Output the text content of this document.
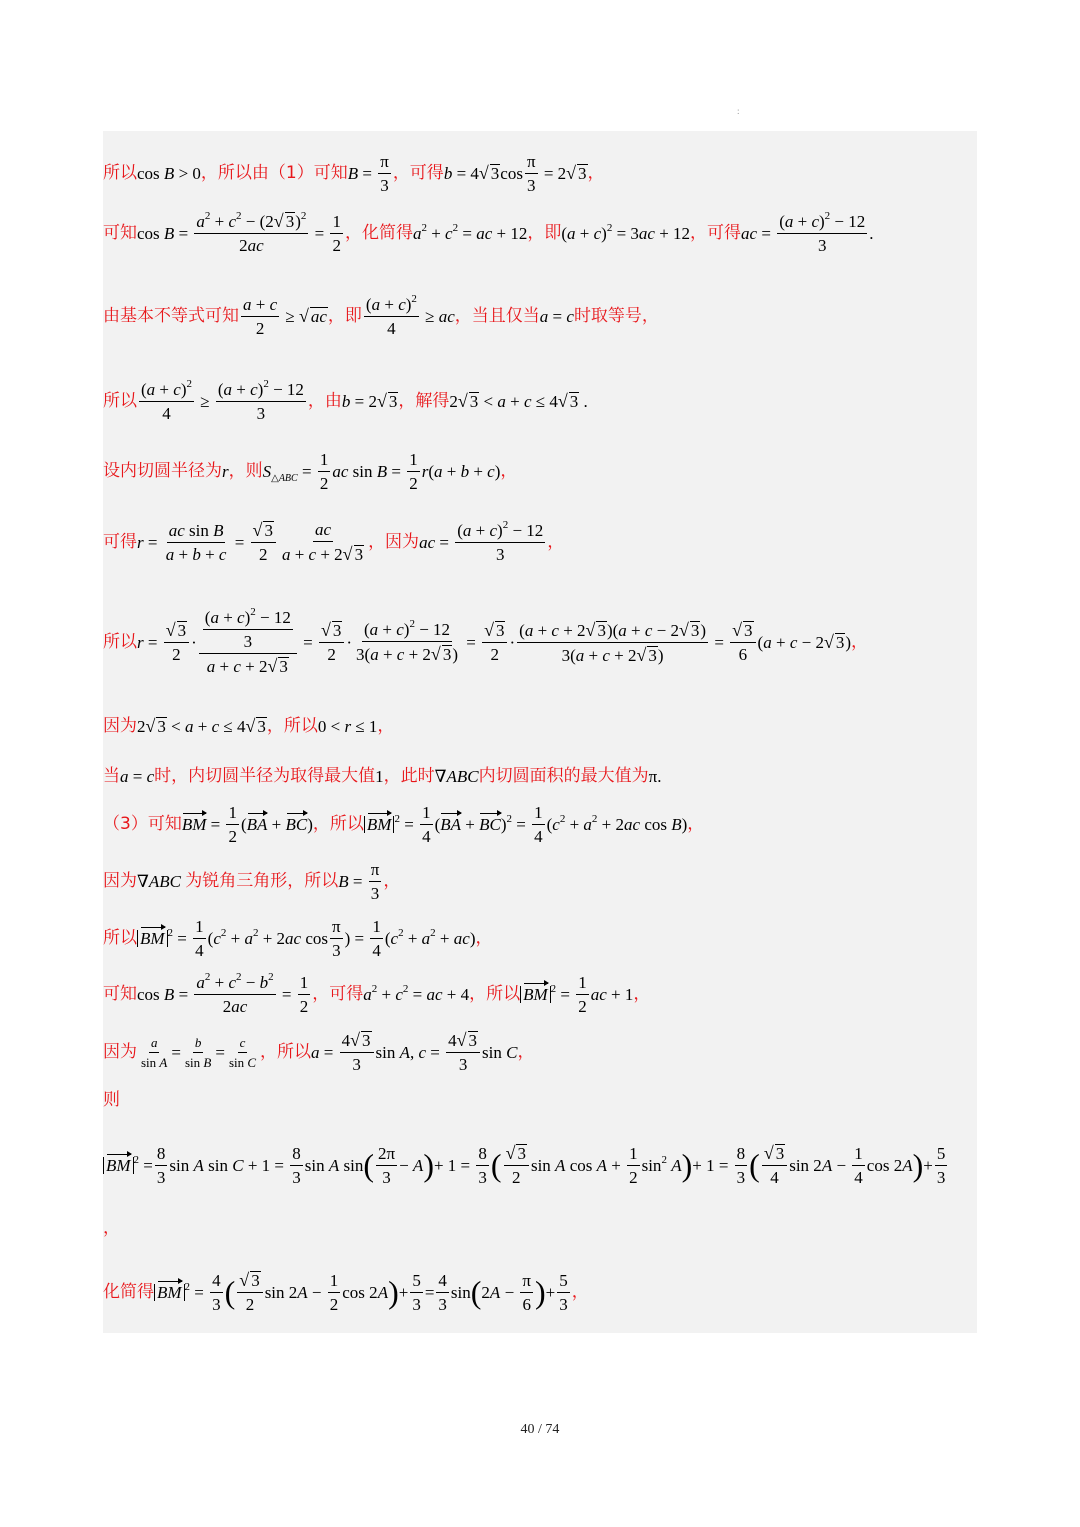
:
所以 cos B > 0 ，所以由（1）可知 $B = \frac{\pi}{3}$ ，可得 b = 4√ $3\cos \frac{\pi}{3} = 2√$ 3 ，
可知 $\cos B = \frac{a^2 + c^2 - (2√ 3)^2}{2ac} = \frac{1}{2}$ ，化简得 $a^2 + c^2$ = ac + 12 ，即 $(a + c)^2 = 3ac + 12$ ，可得 ac = $\frac{(a + c)^2 - 12}{3}$ .
由基本不等式可知 $\frac{a + c}{2}$ ≥ √ ac ，即 $\frac{(a + c)^2}{4}$ ≥ ac ，当且仅当 a = c 时取等号，
所以 $\frac{(a + c)^2}{4} \ge \frac{(a + c)^2 - 12}{3}$ ，由 b = 2√ 3 ，解得 2√ 3 < a + c ≤ 4√ 3 .
设内切圆半径为 r ，则 $S_{\triangle ABC} = \frac{1}{2}$ ac $\sin B = \frac{1}{2} r(a + b + c)$ ，
可得 $r = \frac{\text{ac sin B}}{a + b + c} = \frac{√ 3}{2} \frac{ac}{a + c + 2√ 3}$ ，因为 ac = $\frac{(a + c)^2 - 12}{3}$ ，
所以 $r = \frac{√ 3}{2} \cdot \frac{\frac{(a + c)^2 - 12}{3}}{a + c + 2√ 3} = \frac{√ 3}{2} \cdot \frac{(a + c)^2 - 12}{3(a + c + 2√ 3)} = \frac{√ 3}{2} \cdot \frac{(a + c + 2√ 3)(a + c - 2√ 3)}{3(a + c + 2√ 3)} = \frac{√ 3}{6} (a + c - 2√$ 3) ，
因为 2√ 3 < a + c ≤ 4√ 3 ，所以 0 < r ≤ 1 ，
当 a = c 时，内切圆半径为取得最大值 1 ，此时 ∇ABC 内切圆面积的最大值为 π.
（3）可知 BM = $\frac{1}{2} (BA + BC)$ ，所以 BM $^2 = \frac{1}{4} (BA + BC)^2 = \frac{1}{4} (c^2 + a^2 + 2ac$ cos B) ，
因为 ∇ABC 为锐角三角形，所以 $B = \frac{\pi}{3}$ ，
所以 BM $^2 = \frac{1}{4} (c^2 + a^2 + 2ac$ $\cos \frac{\pi}{3}$ ) = $\frac{1}{4} (c^2 + a^2 + ac)$ ，
可知 $\cos B = \frac{a^2 + c^2 - b^2}{2ac} = \frac{1}{2}$ ，可得 $a^2 + c^2$ = ac + 4 ，所以 BM $^2 = \frac{1}{2}$ ac + 1 ，
因为 $\frac{a}{\text{sin A}} = \frac{b}{\text{sin B}} = \frac{c}{\text{sin C}}$ ，所以 $a = \frac{4√ 3}{3}$ sin A, $c = \frac{4√ 3}{3}$ sin C ，
则
BM $^2 = \frac{8}{3}$ sin A $\sin C + 1 = \frac{8}{3}$ sin A sin ( $\frac{2\pi}{3} - A$ ) + $1 = \frac{8}{3}$ ( $\frac{√ 3}{2}$ sin A $\cos A + \frac{1}{2} \sin^2 A$ ) + $1 = \frac{8}{3}$ ( $\frac{√ 3}{4}$ $\sin 2A - \frac{1}{4}$ cos 2A ) + $\frac{5}{3}$
，
化简得 BM $^2 = \frac{4}{3}$ ( $\frac{√ 3}{2}$ $\sin 2A - \frac{1}{2}$ cos 2A ) + $\frac{5}{3} = \frac{4}{3}$ sin ( $2A - \frac{\pi}{6}$ ) + $\frac{5}{3}$ ，
40 / 74
